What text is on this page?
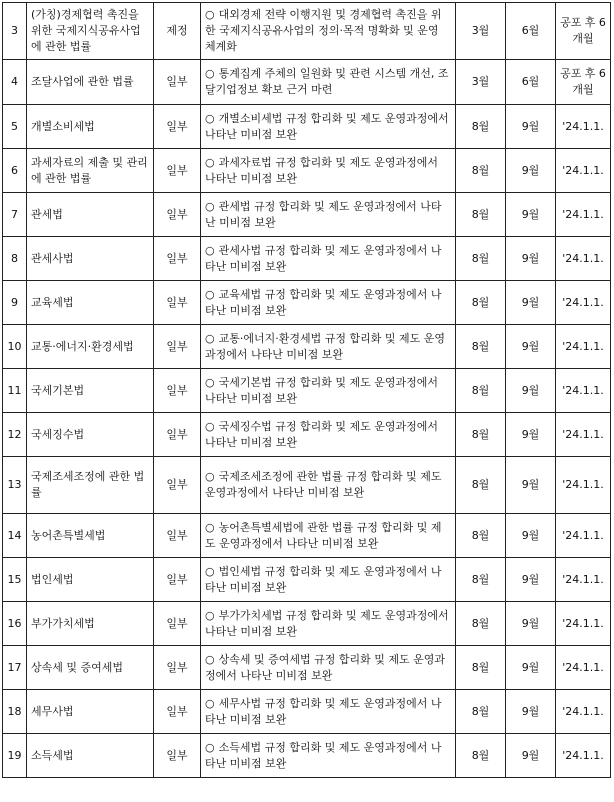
3	(가칭)경제협력 촉진을 위한 국제지식공유사업에 관한 법률	제정	○ 대외경제 전략 이행지원 및 경제협력 촉진을 위한 국제지식공유사업의 정의·목적 명확화 및 운영 체계화	3월	6월	공포 후 6개월
4	조달사업에 관한 법률	일부	○ 통계집계 주체의 일원화 및 관련 시스템 개선, 조달기업정보 확보 근거 마련	3월	6월	공포 후 6개월
5	개별소비세법	일부	○ 개별소비세법 규정 합리화 및 제도 운영과정에서 나타난 미비점 보완	8월	9월	'24.1.1.
6	과세자료의 제출 및 관리에 관한 법률	일부	○ 과세자료법 규정 합리화 및 제도 운영과정에서 나타난 미비점 보완	8월	9월	'24.1.1.
7	관세법	일부	○ 관세법 규정 합리화 및 제도 운영과정에서 나타난 미비점 보완	8월	9월	'24.1.1.
8	관세사법	일부	○ 관세사법 규정 합리화 및 제도 운영과정에서 나타난 미비점 보완	8월	9월	'24.1.1.
9	교육세법	일부	○ 교육세법 규정 합리화 및 제도 운영과정에서 나타난 미비점 보완	8월	9월	'24.1.1.
10	교통·에너지·환경세법	일부	○ 교통·에너지·환경세법 규정 합리화 및 제도 운영과정에서 나타난 미비점 보완	8월	9월	'24.1.1.
11	국세기본법	일부	○ 국세기본법 규정 합리화 및 제도 운영과정에서 나타난 미비점 보완	8월	9월	'24.1.1.
12	국세징수법	일부	○ 국세징수법 규정 합리화 및 제도 운영과정에서 나타난 미비점 보완	8월	9월	'24.1.1.
13	국제조세조정에 관한 법률	일부	○ 국제조세조정에 관한 법률 규정 합리화 및 제도 운영과정에서 나타난 미비점 보완	8월	9월	'24.1.1.
14	농어촌특별세법	일부	○ 농어촌특별세법에 관한 법률 규정 합리화 및 제도 운영과정에서 나타난 미비점 보완	8월	9월	'24.1.1.
15	법인세법	일부	○ 법인세법 규정 합리화 및 제도 운영과정에서 나타난 미비점 보완	8월	9월	'24.1.1.
16	부가가치세법	일부	○ 부가가치세법 규정 합리화 및 제도 운영과정에서 나타난 미비점 보완	8월	9월	'24.1.1.
17	상속세 및 증여세법	일부	○ 상속세 및 증여세법 규정 합리화 및 제도 운영과정에서 나타난 미비점 보완	8월	9월	'24.1.1.
18	세무사법	일부	○ 세무사법 규정 합리화 및 제도 운영과정에서 나타난 미비점 보완	8월	9월	'24.1.1.
19	소득세법	일부	○ 소득세법 규정 합리화 및 제도 운영과정에서 나타난 미비점 보완	8월	9월	'24.1.1.
